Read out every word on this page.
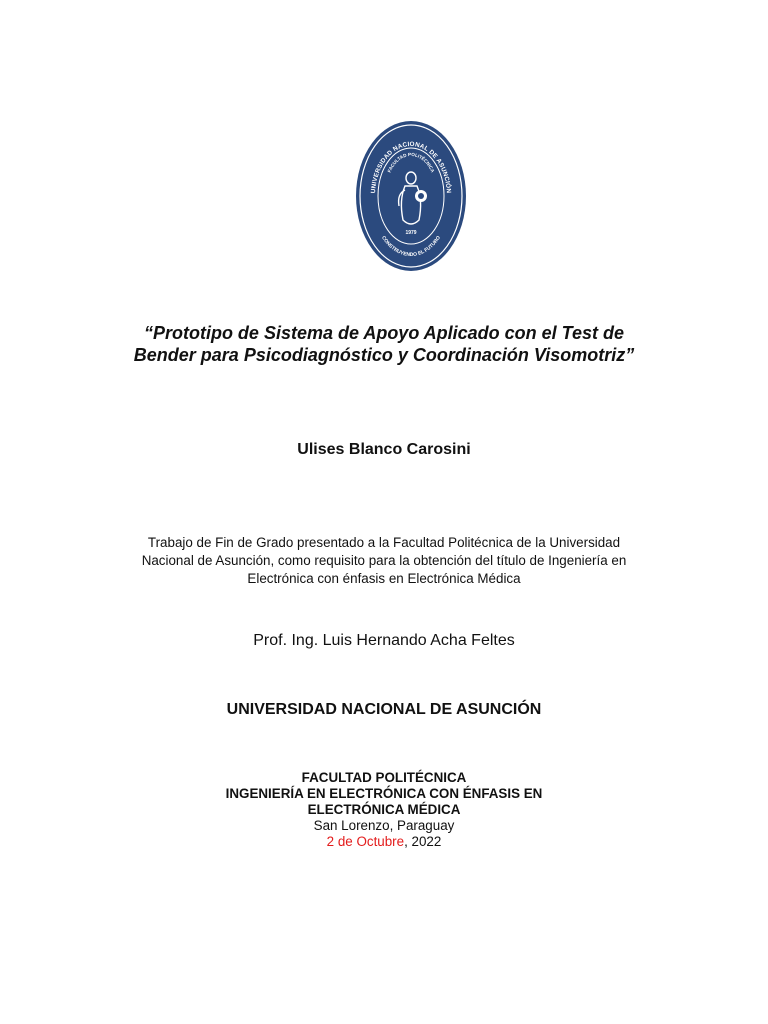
UNIVERSIDAD NACIONAL DE ASUNCIÓN
FACULTAD POLITÉCNICA
CONSTRUYENDO EL FUTURO
1979
“Prototipo de Sistema de Apoyo Aplicado con el Test de
Bender para Psicodiagnóstico y Coordinación Visomotriz”
Ulises Blanco Carosini
Trabajo de Fin de Grado presentado a la Facultad Politécnica de la Universidad
Nacional de Asunción, como requisito para la obtención del título de Ingeniería en
Electrónica con énfasis en Electrónica Médica
Prof. Ing. Luis Hernando Acha Feltes
UNIVERSIDAD NACIONAL DE ASUNCIÓN
FACULTAD POLITÉCNICA
INGENIERÍA EN ELECTRÓNICA CON ÉNFASIS EN
ELECTRÓNICA MÉDICA
San Lorenzo, Paraguay
2 de Octubre, 2022
